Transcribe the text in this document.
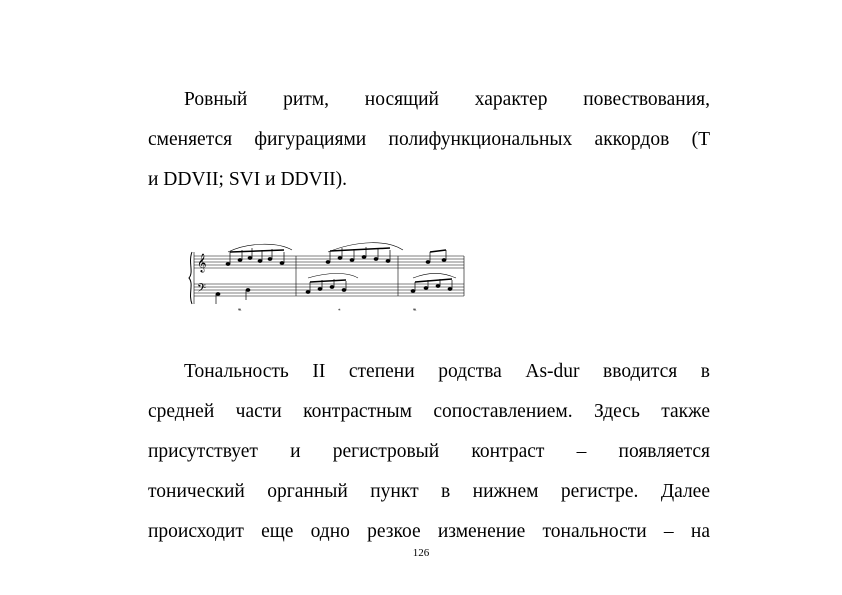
Ровный ритм, носящий характер повествования,
сменяется фигурациями полифункциональных аккордов (T
и DDVII; SVI и DDVII).
𝄞
𝄢
𝆮	*	𝆮
Тональность II степени родства As-dur вводится в
средней части контрастным сопоставлением. Здесь также
присутствует и регистровый контраст – появляется
тонический органный пункт в нижнем регистре. Далее
происходит еще одно резкое изменение тональности – на
126
